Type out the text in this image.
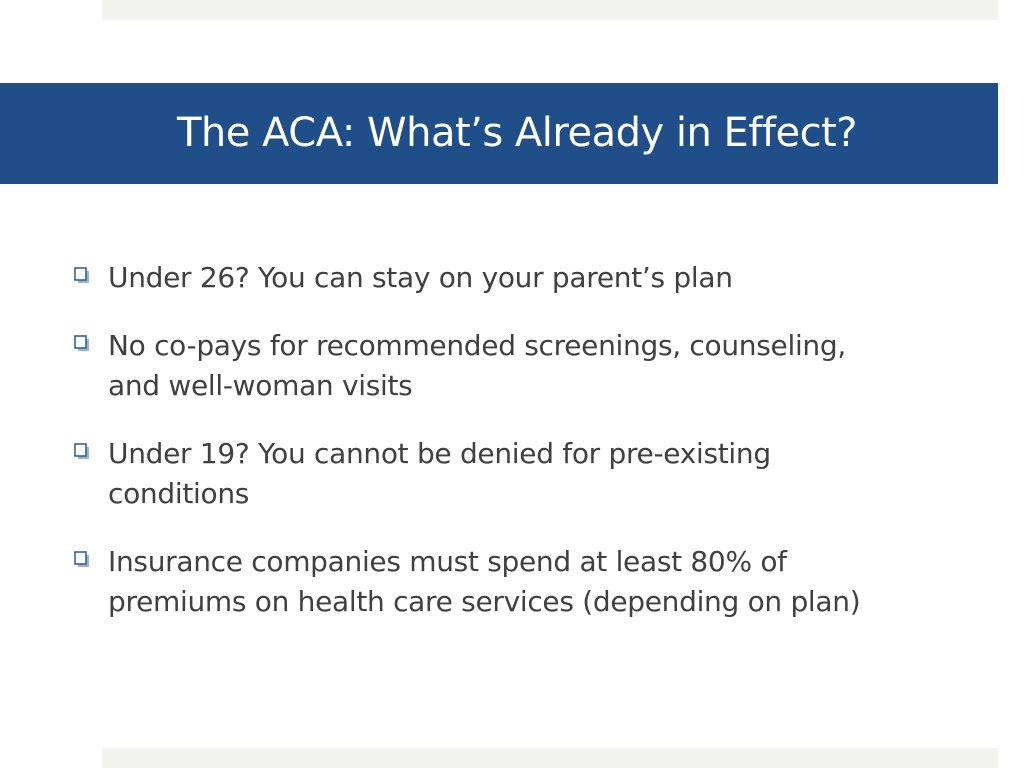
The ACA: What’s Already in Effect?
Under 26? You can stay on your parent’s plan
No co-pays for recommended screenings, counseling, and well-woman visits
Under 19? You cannot be denied for pre-existing conditions
Insurance companies must spend at least 80% of premiums on health care services (depending on plan)
